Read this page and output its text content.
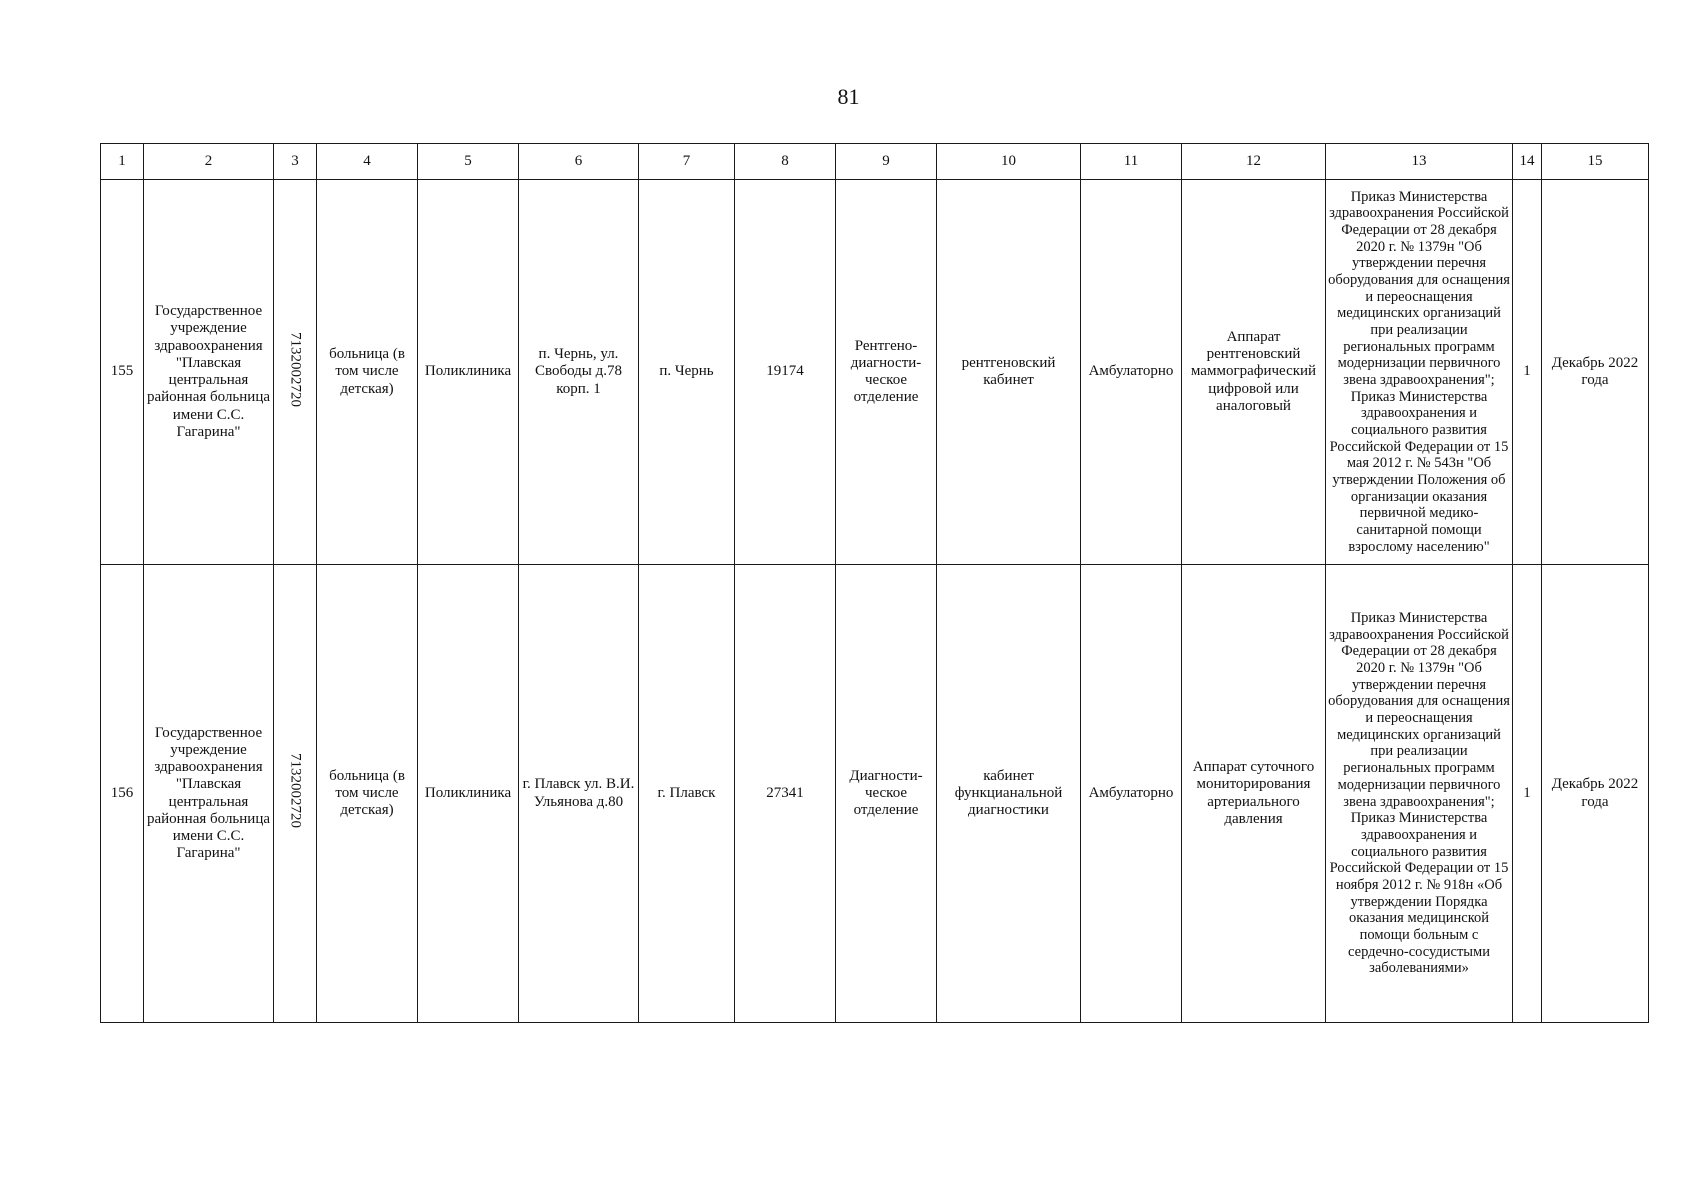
81
1	2	3	4	5	6	7	8	9	10	11	12	13	14	15
155	Государственное учреждение здравоохранения "Плавская центральная районная больница имени С.С. Гагарина"	7132002720	больница (в том числе детская)	Поликлиника	п. Чернь, ул. Свободы д.78 корп. 1	п. Чернь	19174	Рентгено-диагности-ческое отделение	рентгеновский кабинет	Амбулаторно	Аппарат рентгеновский маммографический цифровой или аналоговый	Приказ Министерства здравоохранения Российской Федерации от 28 декабря 2020 г. № 1379н "Об утверждении перечня оборудования для оснащения и переоснащения медицинских организаций при реализации региональных программ модернизации первичного звена здравоохранения"; Приказ Министерства здравоохранения и социального развития Российской Федерации от 15 мая 2012 г. № 543н "Об утверждении Положения об организации оказания первичной медико-санитарной помощи взрослому населению"	1	Декабрь 2022 года
156	Государственное учреждение здравоохранения "Плавская центральная районная больница имени С.С. Гагарина"	7132002720	больница (в том числе детская)	Поликлиника	г. Плавск ул. В.И. Ульянова д.80	г. Плавск	27341	Диагности-ческое отделение	кабинет функцианальной диагностики	Амбулаторно	Аппарат суточного мониторирования артериального давления	Приказ Министерства здравоохранения Российской Федерации от 28 декабря 2020 г. № 1379н "Об утверждении перечня оборудования для оснащения и переоснащения медицинских организаций при реализации региональных программ модернизации первичного звена здравоохранения"; Приказ Министерства здравоохранения и социального развития Российской Федерации от 15 ноября 2012 г. № 918н «Об утверждении Порядка оказания медицинской помощи больным с сердечно-сосудистыми заболеваниями»	1	Декабрь 2022 года
